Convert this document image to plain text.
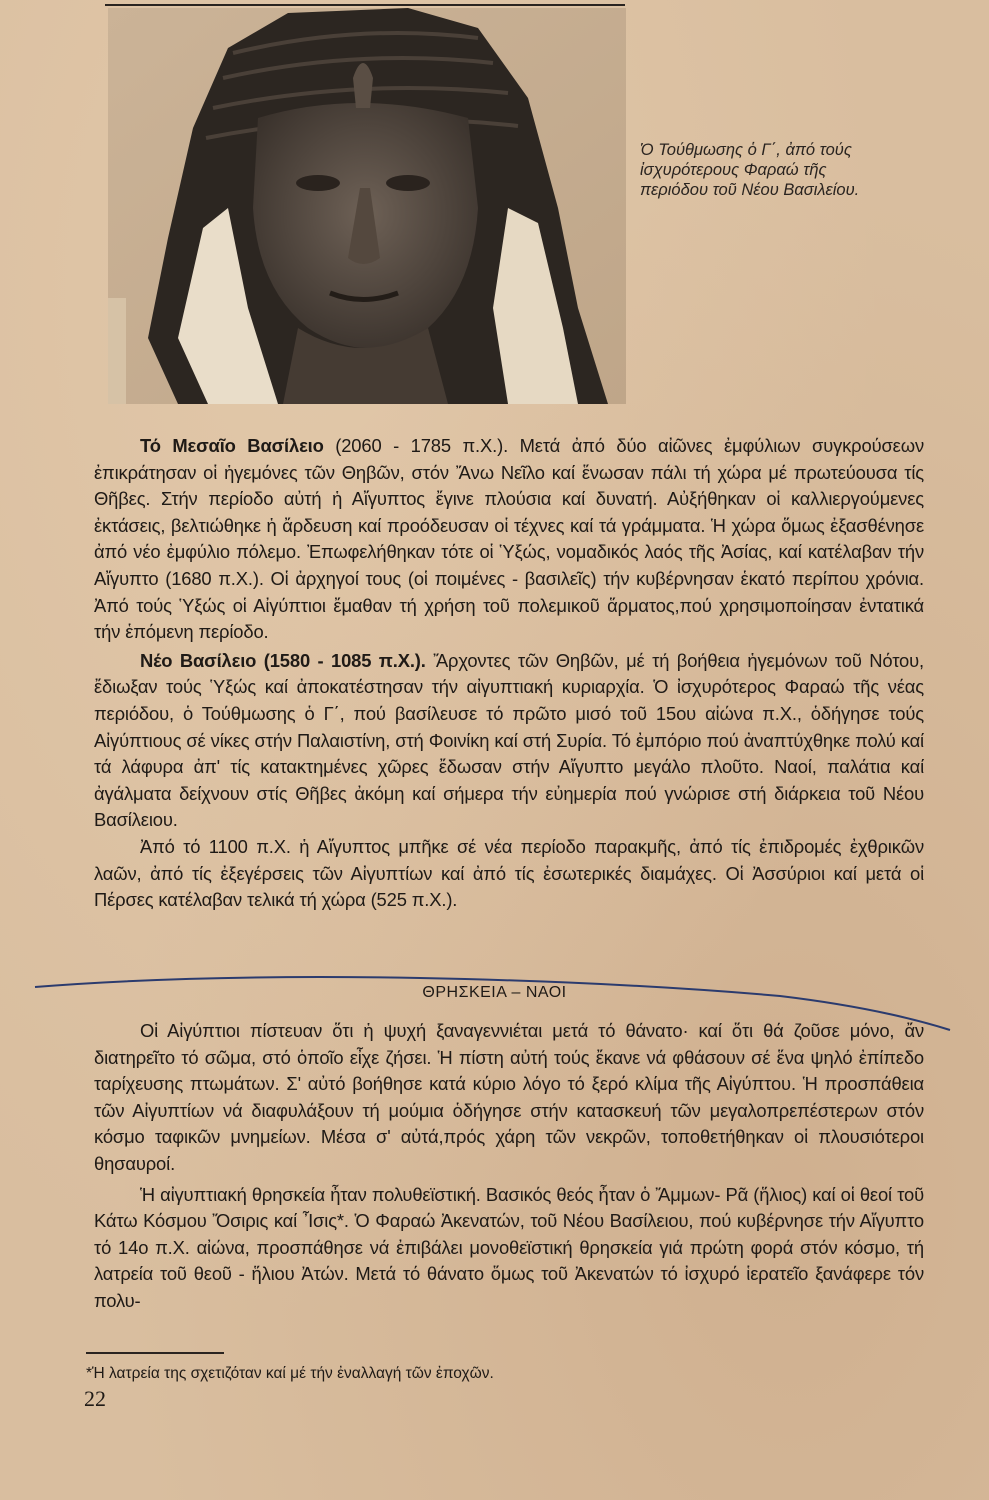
Ὁ Τούθμωσης ὁ Γ΄, ἀπό τούς
ἰσχυρότερους Φαραώ τῆς
περιόδου τοῦ Νέου Βασιλείου.

Τό Μεσαῖο Βασίλειο (2060 - 1785 π.Χ.). Μετά ἀπό δύο αἰῶνες ἐμφύλιων συγκρούσεων ἐπικράτησαν οἱ ἡγεμόνες τῶν Θηβῶν, στόν Ἄνω Νεῖλο καί ἕνωσαν πάλι τή χώρα μέ πρωτεύουσα τίς Θῆβες. Στήν περίοδο αὐτή ἡ Αἴγυπτος ἔγινε πλούσια καί δυνατή. Αὐξήθηκαν οἱ καλλιεργούμενες ἐκτάσεις, βελτιώθηκε ἡ ἄρδευση καί προόδευσαν οἱ τέχνες καί τά γράμματα. Ἡ χώρα ὅμως ἐξασθένησε ἀπό νέο ἐμφύλιο πόλεμο. Ἐπωφελήθηκαν τότε οἱ Ὑξώς, νομαδικός λαός τῆς Ἀσίας, καί κατέλαβαν τήν Αἴγυπτο (1680 π.Χ.). Οἱ ἀρχηγοί τους (οἱ ποιμένες - βασιλεῖς) τήν κυβέρνησαν ἑκατό περίπου χρόνια. Ἀπό τούς Ὑξώς οἱ Αἰγύπτιοι ἔμαθαν τή χρήση τοῦ πολεμικοῦ ἅρματος,πού χρησιμοποίησαν ἐντατικά τήν ἑπόμενη περίοδο.

Νέο Βασίλειο (1580 - 1085 π.Χ.). Ἄρχοντες τῶν Θηβῶν, μέ τή βοήθεια ἡγεμόνων τοῦ Νότου, ἔδιωξαν τούς Ὑξώς καί ἀποκατέστησαν τήν αἰγυπτιακή κυριαρχία. Ὁ ἰσχυρότερος Φαραώ τῆς νέας περιόδου, ὁ Τούθμωσης ὁ Γ΄, πού βασίλευσε τό πρῶτο μισό τοῦ 15ου αἰώνα π.Χ., ὁδήγησε τούς Αἰγύπτιους σέ νίκες στήν Παλαιστίνη, στή Φοινίκη καί στή Συρία. Τό ἐμπόριο πού ἀναπτύχθηκε πολύ καί τά λάφυρα ἀπ' τίς κατακτημένες χῶρες ἔδωσαν στήν Αἴγυπτο μεγάλο πλοῦτο. Ναοί, παλάτια καί ἀγάλματα δείχνουν στίς Θῆβες ἀκόμη καί σήμερα τήν εὐημερία πού γνώρισε στή διάρκεια τοῦ Νέου Βασίλειου.

Ἀπό τό 1100 π.Χ. ἡ Αἴγυπτος μπῆκε σέ νέα περίοδο παρακμῆς, ἀπό τίς ἐπιδρομές ἐχθρικῶν λαῶν, ἀπό τίς ἐξεγέρσεις τῶν Αἰγυπτίων καί ἀπό τίς ἐσωτερικές διαμάχες. Οἱ Ἀσσύριοι καί μετά οἱ Πέρσες κατέλαβαν τελικά τή χώρα (525 π.Χ.).

ΘΡΗΣΚΕΙΑ – ΝΑΟΙ

Οἱ Αἰγύπτιοι πίστευαν ὅτι ἡ ψυχή ξαναγεννιέται μετά τό θάνατο· καί ὅτι θά ζοῦσε μόνο, ἄν διατηρεῖτο τό σῶμα, στό ὁποῖο εἶχε ζήσει. Ἡ πίστη αὐτή τούς ἔκανε νά φθάσουν σέ ἕνα ψηλό ἐπίπεδο ταρίχευσης πτωμάτων. Σ' αὐτό βοήθησε κατά κύριο λόγο τό ξερό κλίμα τῆς Αἰγύπτου. Ἡ προσπάθεια τῶν Αἰγυπτίων νά διαφυλάξουν τή μούμια ὁδήγησε στήν κατασκευή τῶν μεγαλοπρεπέστερων στόν κόσμο ταφικῶν μνημείων. Μέσα σ' αὐτά,πρός χάρη τῶν νεκρῶν, τοποθετήθηκαν οἱ πλουσιότεροι θησαυροί.

Ἡ αἰγυπτιακή θρησκεία ἦταν πολυθεϊστική. Βασικός θεός ἦταν ὁ Ἄμμων- Ρᾶ (ἥλιος) καί οἱ θεοί τοῦ Κάτω Κόσμου Ὄσιρις καί Ἶσις*. Ὁ Φαραώ Ἀκενατών, τοῦ Νέου Βασίλειου, πού κυβέρνησε τήν Αἴγυπτο τό 14ο π.Χ. αἰώνα, προσπάθησε νά ἐπιβάλει μονοθεϊστική θρησκεία γιά πρώτη φορά στόν κόσμο, τή λατρεία τοῦ θεοῦ - ἥλιου Ἀτών. Μετά τό θάνατο ὅμως τοῦ Ἀκενατών τό ἰσχυρό ἱερατεῖο ξανάφερε τόν πολυ-

*Ἡ λατρεία της σχετιζόταν καί μέ τήν ἐναλλαγή τῶν ἐποχῶν.
22
